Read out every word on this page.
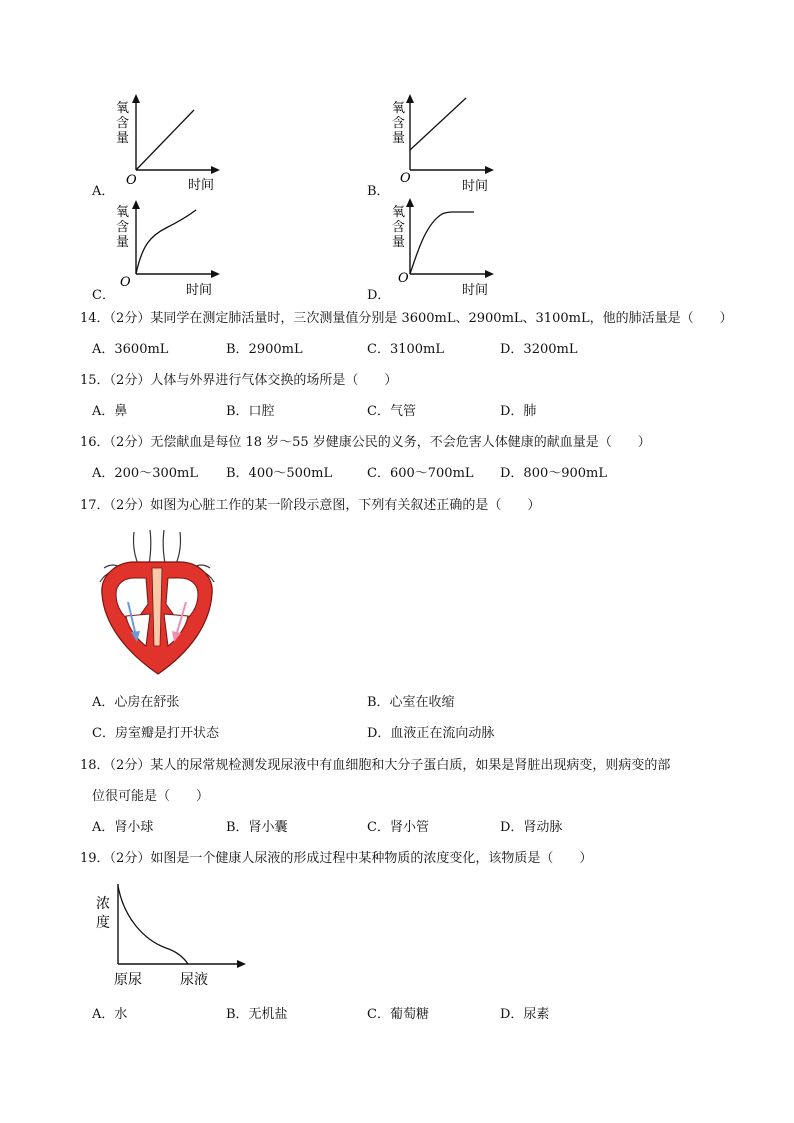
A．
氧
含
量
O	时间	B．
氧
含
量
O
时间
C．
氧
含
量
O
时间	D．
氧
含
量
O
时间
14．（2分）某同学在测定肺活量时，三次测量值分别是 3600mL、2900mL、3100mL，他的肺活量是（　　）
A．3600mL	B．2900mL	C．3100mL	D．3200mL
15．（2分）人体与外界进行气体交换的场所是（　　）
A．鼻	B．口腔	C．气管	D．肺
16．（2分）无偿献血是每位 18 岁～55 岁健康公民的义务，不会危害人体健康的献血量是（　　）
A．200～300mL B．400～500mL	C．600～700mL D．800～900mL
17．（2分）如图为心脏工作的某一阶段示意图，下列有关叙述正确的是（　　）
A．心房在舒张	B．心室在收缩
C．房室瓣是打开状态	D．血液正在流向动脉
18．（2分）某人的尿常规检测发现尿液中有血细胞和大分子蛋白质，如果是肾脏出现病变，则病变的部
位很可能是（　　）
A．肾小球	B．肾小囊	C．肾小管	D．肾动脉
19．（2分）如图是一个健康人尿液的形成过程中某种物质的浓度变化，该物质是（　　）
浓
度
原尿	尿液
A．水	B．无机盐	C．葡萄糖	D．尿素
